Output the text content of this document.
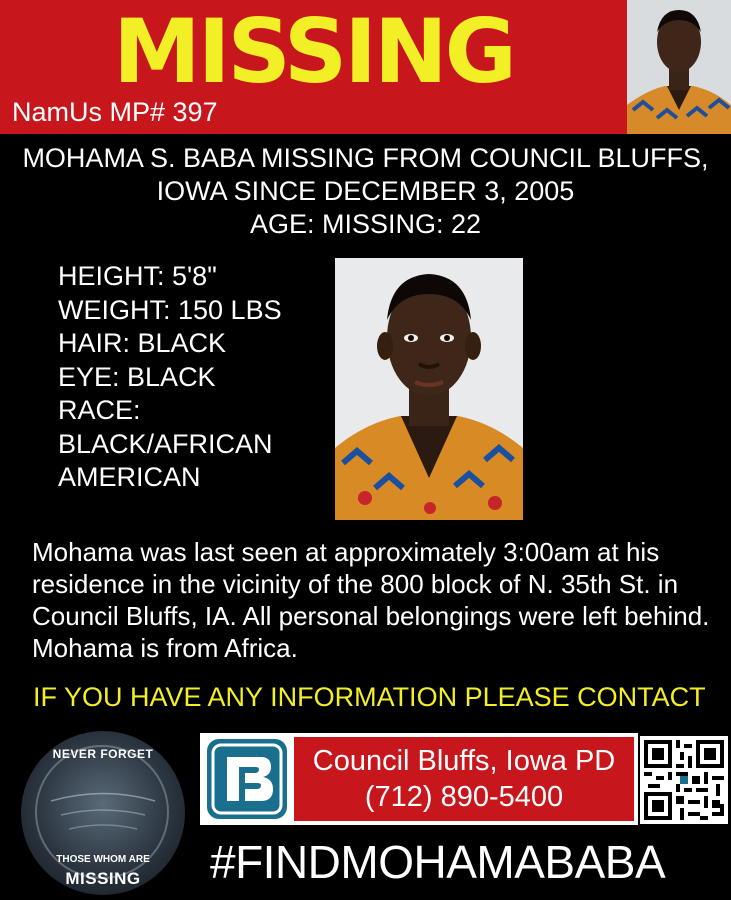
MISSING
NamUs MP# 397
MOHAMA S. BABA MISSING FROM COUNCIL BLUFFS,
IOWA SINCE DECEMBER 3, 2005
AGE: MISSING: 22
HEIGHT: 5'8"
WEIGHT: 150 LBS
HAIR: BLACK
EYE: BLACK
RACE:
BLACK/AFRICAN
AMERICAN
Mohama was last seen at approximately 3:00am at his residence in the vicinity of the 800 block of N. 35th St. in Council Bluffs, IA. All personal belongings were left behind. Mohama is from Africa.
IF YOU HAVE ANY INFORMATION PLEASE CONTACT
NEVER FORGET
THOSE WHOM ARE
MISSING
Council Bluffs, Iowa PD
(712) 890-5400
#FINDMOHAMABABA
